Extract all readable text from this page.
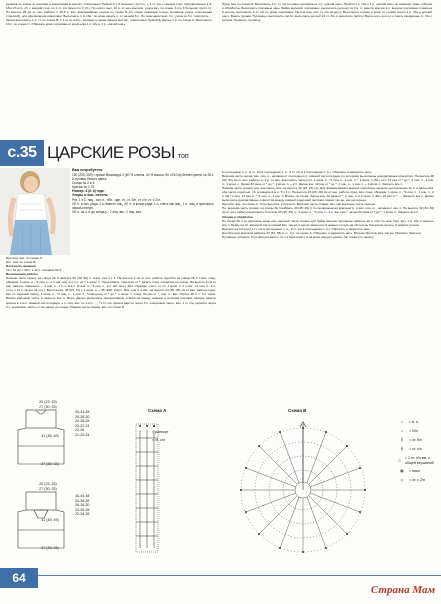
рукавов по схеме А, начиная и заканчивая в местах, отмеченных буквой А = 6 больших групп п. + 6 ст. с/н с каждой стор. Одновременно в 6, 18 и 27-м р. уб. с каждой стор. по 1 ст. с/н (всего по 3 уб.). По оконч. вып. 16 р. от нач. выполн. узора вяз. по схеме А (по 6 больших групп п.). По высоте 25 см от нач. работы = 30-й р. вяз. фантазийным узором по схеме В (по схеме показана только половина узора, отмеченная стрелкой), для оформления окантовки. Выполнить 1 р. сбн.; по краю вязать п. от начала 6 п. По окончании вып. 3 р. узора из 6 п. повторить ... Затем выполнить 1 р. ст. по схеме В, с 1-го по 4-й р., начиная и заканчивая в местах, отмеченных буквой В. Далее 1 р. по схеме С. Выполнить 13 р. по схеме С. Обвязать края горловины и край низа 1 р. сбн и 1 р. «рачий шаг».
Пред. вяз. по схеме Б. Выполнить 1 р. ст. с/н по краю горловины и 1 р. «рачий шаг». Пройти 1 р. сбн и 1 р. «рачий шаг» по нижнему краю. Сборка и обработка. Выполнить плечевые швы. Байка вырезом горловины: выполнить цепочку из 4 в. п., ввести крючок в п. выреза горловины слева на 8 петель, выполнить 1 ст. с/н по краю горловины. Не 2-м ряд. вяз. ст. с/н по кругу. Выполнить тесьму и края, от стойки подол 1 р. сбн и «рачий шаг». Вшить рукава. Пуговицы: выполнить петли, выполнить на ней 10 ст. б/н и закончить работу. Вдеть нить в иглу и сшить сведенные ст. б/н с колсом. Пришить пуговицу.
с.35 ЦАРСКИЕ РОЗЫ топ
Вам потребуется
150 (200; 250) г пряжи Mississippi-3 (60 % хлопок, 40 % вискоз; 50 г/210 м) белого цвета, № 301.
5 пуговиц белого цвета.
Спицы № 2 и 3.
Крючок № 1,75.
Размер: 4 (6; 8) года.
Узоры и вяз. петель
Рез. 1 х 1: лиц., изн. п., сбн., одн. ст., ст. б/н, ст. с/н, ст. с 2/н.
Уб. п. в нач. ряда: 2 п. вместе лиц. Уб. п. в конце ряда: 1 п. снять как лиц., 1 п. лиц. и протянуть сквозь снятую.
Уб. п. за 4 п. до конца р.: 2 лиц. вм., 2 лиц. вяз.
Бретели: вяз. по схеме А.
Шл.: вяз. по схеме В.
Плотность вязания
10 х 10 см = 29 п. х 42 р. спицами № 3.
Выполнение работы
Нижняя часть перед: на спицы № 2 набрать 80 (90; 99) п. и вяз. рез 1 х 1. На высоте 2 см от нач. работы перейти на спицы № 3 и вяз. след. образом: 1 кром. п., *1 лиц. п., 2 п. вм. лиц. 2 и 1 п. из *, 1 кром. п. Продолжить, повторяя от *, вязать след. порядком по схеме. На высоте 4 см от нач. работы, оформить ... 1 лиц. п., 1 п. и 119 п. (4 вяз. п., *1 лиц. п., 2 п. вм. лиц.). Вяз. образом: «12 п. от сп. 1 кром. п. 2 п. вм., «1 лиц. п., 2 п. отл.» х 11 р. (всего 11 отл.). Высота вяз. 46 (69; 72) с 1 кром. п. + 95 (108; 119) п. Вяз. для 4 п. вм., на высоте 24 (26; 28) см от нач. работы пред. вяз. ст. верхней перед, 1 кром. п., *2 лиц. п., 1 изн. п., *повторять от * до *, 1 кром. п. След. 39 раз от *, лиц. п., вяз. Убрать 28 п. = 3 п. кром. Вязать верхнюю часть и закрыть все п. Верх. Далее выполнить декоративные отверстия между нижней и верхней частями переда: ввести крючок в 1-ю п. нижней части переда, 1 п. лиц. вяз. по 1-ю п. ..., *1 ст. с/н, крючок ввести через 3 п. в верхнюю часть, вяз. 1 ст. с/н, перейти через 3 п. в нижнюю часть» и так далее до конца. Нижняя часть спинки: вяз. по схеме В.
в последнюю п. р. (1 ст. с/н в последнюю п. р., 2 ст. с/н в 2 последнюю п. р.). Обрезать и закрепить нить.
Верхняя часть перед: вяз. лиц. п., начиная от последнего р. нижней части переда, по которому выполнены декоративные отверстия. На высоте 28 (30; 32) см от нач. работы от 2 р. от нач. выполнить перед пут. 1 кром. п., *2 лиц. п., 1 изн. п.*, 1 кром. п. Вяз. нет. 13 раз от * до *, 2 лиц. п., 1 изн. п., 1 кром. п. Затем 32 раза от * до *, 1 кром. п. + 2 п. Далее вяз. 19 раз от * до *, 1 лиц. п., 1 изн. п. + 1 кром. п. Закрыть все п.
Нижняя часть спинки: вяз. как перед, вяз. на высоте 20 (22; 24) см. Для формирования выреза горловины закрыть центральные 11 п. и далее вяз. обе части отдельно, уб. в каждом 2-м р. 5 х 1 п. На высоте 24 (26; 28) см от нач. работы пред. вяз. след. образом: 1 кром. п., *2 лиц. п., 1 изн. п., 2 п. вм.* с лиц. 13 раз от *, 2 лиц. п., 1 изн. п. Вязать по схеме. Затем вяз. 32 раза от *, 2 лиц. п. и 1 кром. п. Вяз. 19 раз от *, ... Закрыть все п. Далее выполнить декоративные отверстия между нижней и верхней частями спинки так же, как на переде.
Бретели: вяз. по схеме А. Отдельно вяз. 2 бретели. Верхняя часть спинки: вяз. как верхнюю часть переда.
По: верхняя часть спинки: на спицы № 3 набрать 40 (45; 49) п. по провязанному крючком р., и вяз. лиц. гл., начиная с изн. р. На высоте 32 (34; 36) см от нач. работы выполнить 6 петель 40 (45; 49) п.: 1 кром. п., *2 лиц. п., 2 п. вм. лиц.*, затем 22 раза от * до *, 1 кром. п. Закрыть все п.
Сборка и обработка
По схеме № 2 по верхнему краю пер. верхней части спинки для бейки выреза горловины набрать 40 п. сбн. по ниж. Пер. вяз. 1 р. сбн и закрыть все п. Бейку на пл. верхней части спинки вяз. так же и затем закрепить 5 нижних петель на 10 петель 5 верхних петель. 6 нижних петель.
Бретель на 3-й ряд (1 ст. с/н в последнюю п. р., 2 ст. с/н в последнюю п. р.). Обрезать и закрепить нить.
Для бретели крючком набрать 47 (51; 55) в. п., 2 р. по схеме А. Обрезать и закрепить нить. Второю бретель вяз. так же. Пришить бретели.
Пуговицы: пришить 5 пуговиц на место, по 1 к бретелям и 3 на краю перед к «рачи» (по схеме) по центру.
20 (23; 25)
27 (30; 33)
41 (45; 49)
27 (30; 33)
40-44-48
26-28-30
24-26-28
20-22-24
22-26
21-22-24
20 (23; 25)
27 (30; 33)
41 (45; 49)
27 (30; 33)
40-44-48
33-36-39
26-28-30
24-26-28
22-24-26
Схема А
= раппорт
= ст. с/н
Схема В
○	= в. п.
•	= сбн
┃	= ст. б/н
╫	= ст. с/н
△
= 2 ст. с/н вм. с общей вершиной
▦	= пики
◇	= ст. с 2/н
64
Страна Мам
